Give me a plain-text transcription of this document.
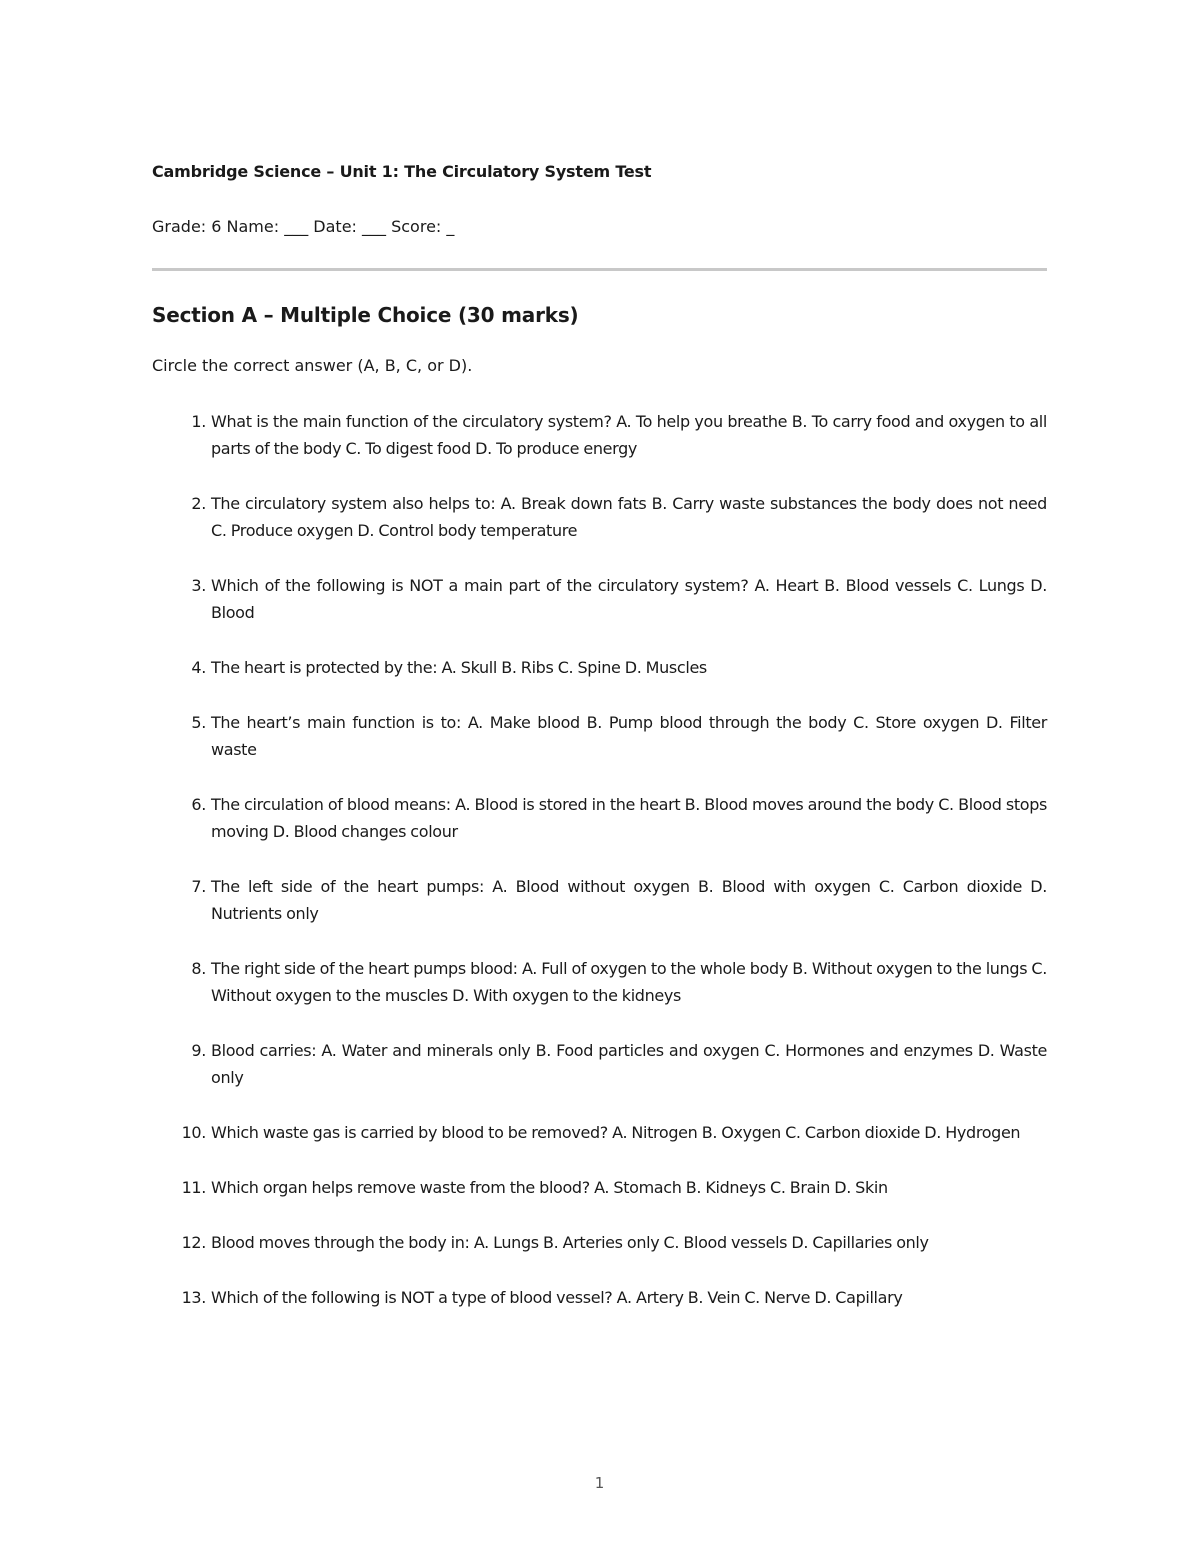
Cambridge Science – Unit 1: The Circulatory System Test
Grade: 6 Name: ___ Date: ___ Score: _
Section A – Multiple Choice (30 marks)
Circle the correct answer (A, B, C, or D).
1. What is the main function of the circulatory system? A. To help you breathe B. To carry food and oxygen to all parts of the body C. To digest food D. To produce energy
2. The circulatory system also helps to: A. Break down fats B. Carry waste substances the body does not need C. Produce oxygen D. Control body temperature
3. Which of the following is NOT a main part of the circulatory system? A. Heart B. Blood vessels C. Lungs D. Blood
4. The heart is protected by the: A. Skull B. Ribs C. Spine D. Muscles
5. The heart’s main function is to: A. Make blood B. Pump blood through the body C. Store oxygen D. Filter waste
6. The circulation of blood means: A. Blood is stored in the heart B. Blood moves around the body C. Blood stops moving D. Blood changes colour
7. The left side of the heart pumps: A. Blood without oxygen B. Blood with oxygen C. Carbon dioxide D. Nutrients only
8. The right side of the heart pumps blood: A. Full of oxygen to the whole body B. Without oxygen to the lungs C. Without oxygen to the muscles D. With oxygen to the kidneys
9. Blood carries: A. Water and minerals only B. Food particles and oxygen C. Hormones and enzymes D. Waste only
10. Which waste gas is carried by blood to be removed? A. Nitrogen B. Oxygen C. Carbon dioxide D. Hydrogen
11. Which organ helps remove waste from the blood? A. Stomach B. Kidneys C. Brain D. Skin
12. Blood moves through the body in: A. Lungs B. Arteries only C. Blood vessels D. Capillaries only
13. Which of the following is NOT a type of blood vessel? A. Artery B. Vein C. Nerve D. Capillary
1
